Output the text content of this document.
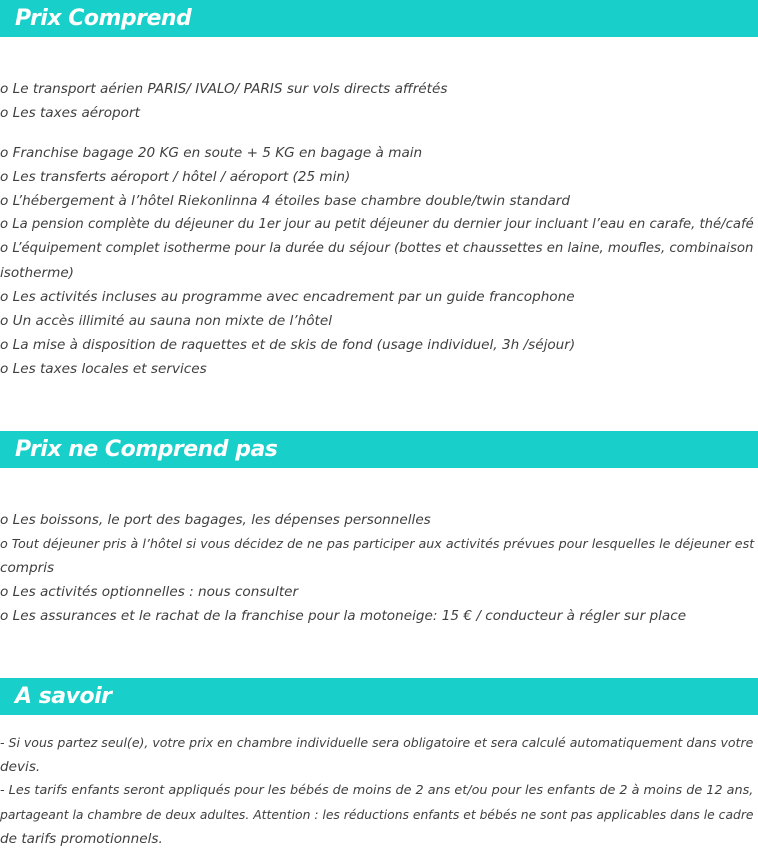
Prix Comprend
o Le transport aérien PARIS/ IVALO/ PARIS sur vols directs affrétés
o Les taxes aéroport
o Franchise bagage 20 KG en soute + 5 KG en bagage à main
o Les transferts aéroport / hôtel / aéroport (25 min)
o L’hébergement à l’hôtel Riekonlinna 4 étoiles base chambre double/twin standard
o La pension complète du déjeuner du 1er jour au petit déjeuner du dernier jour incluant l’eau en carafe, thé/café
o L’équipement complet isotherme pour la durée du séjour (bottes et chaussettes en laine, moufles, combinaison
isotherme)
o Les activités incluses au programme avec encadrement par un guide francophone
o Un accès illimité au sauna non mixte de l’hôtel
o La mise à disposition de raquettes et de skis de fond (usage individuel, 3h /séjour)
o Les taxes locales et services
Prix ne Comprend pas
o Les boissons, le port des bagages, les dépenses personnelles
o Tout déjeuner pris à l’hôtel si vous décidez de ne pas participer aux activités prévues pour lesquelles le déjeuner est
compris
o Les activités optionnelles : nous consulter
o Les assurances et le rachat de la franchise pour la motoneige: 15 € / conducteur à régler sur place
A savoir
- Si vous partez seul(e), votre prix en chambre individuelle sera obligatoire et sera calculé automatiquement dans votre
devis.
- Les tarifs enfants seront appliqués pour les bébés de moins de 2 ans et/ou pour les enfants de 2 à moins de 12 ans,
partageant la chambre de deux adultes. Attention : les réductions enfants et bébés ne sont pas applicables dans le cadre
de tarifs promotionnels.
